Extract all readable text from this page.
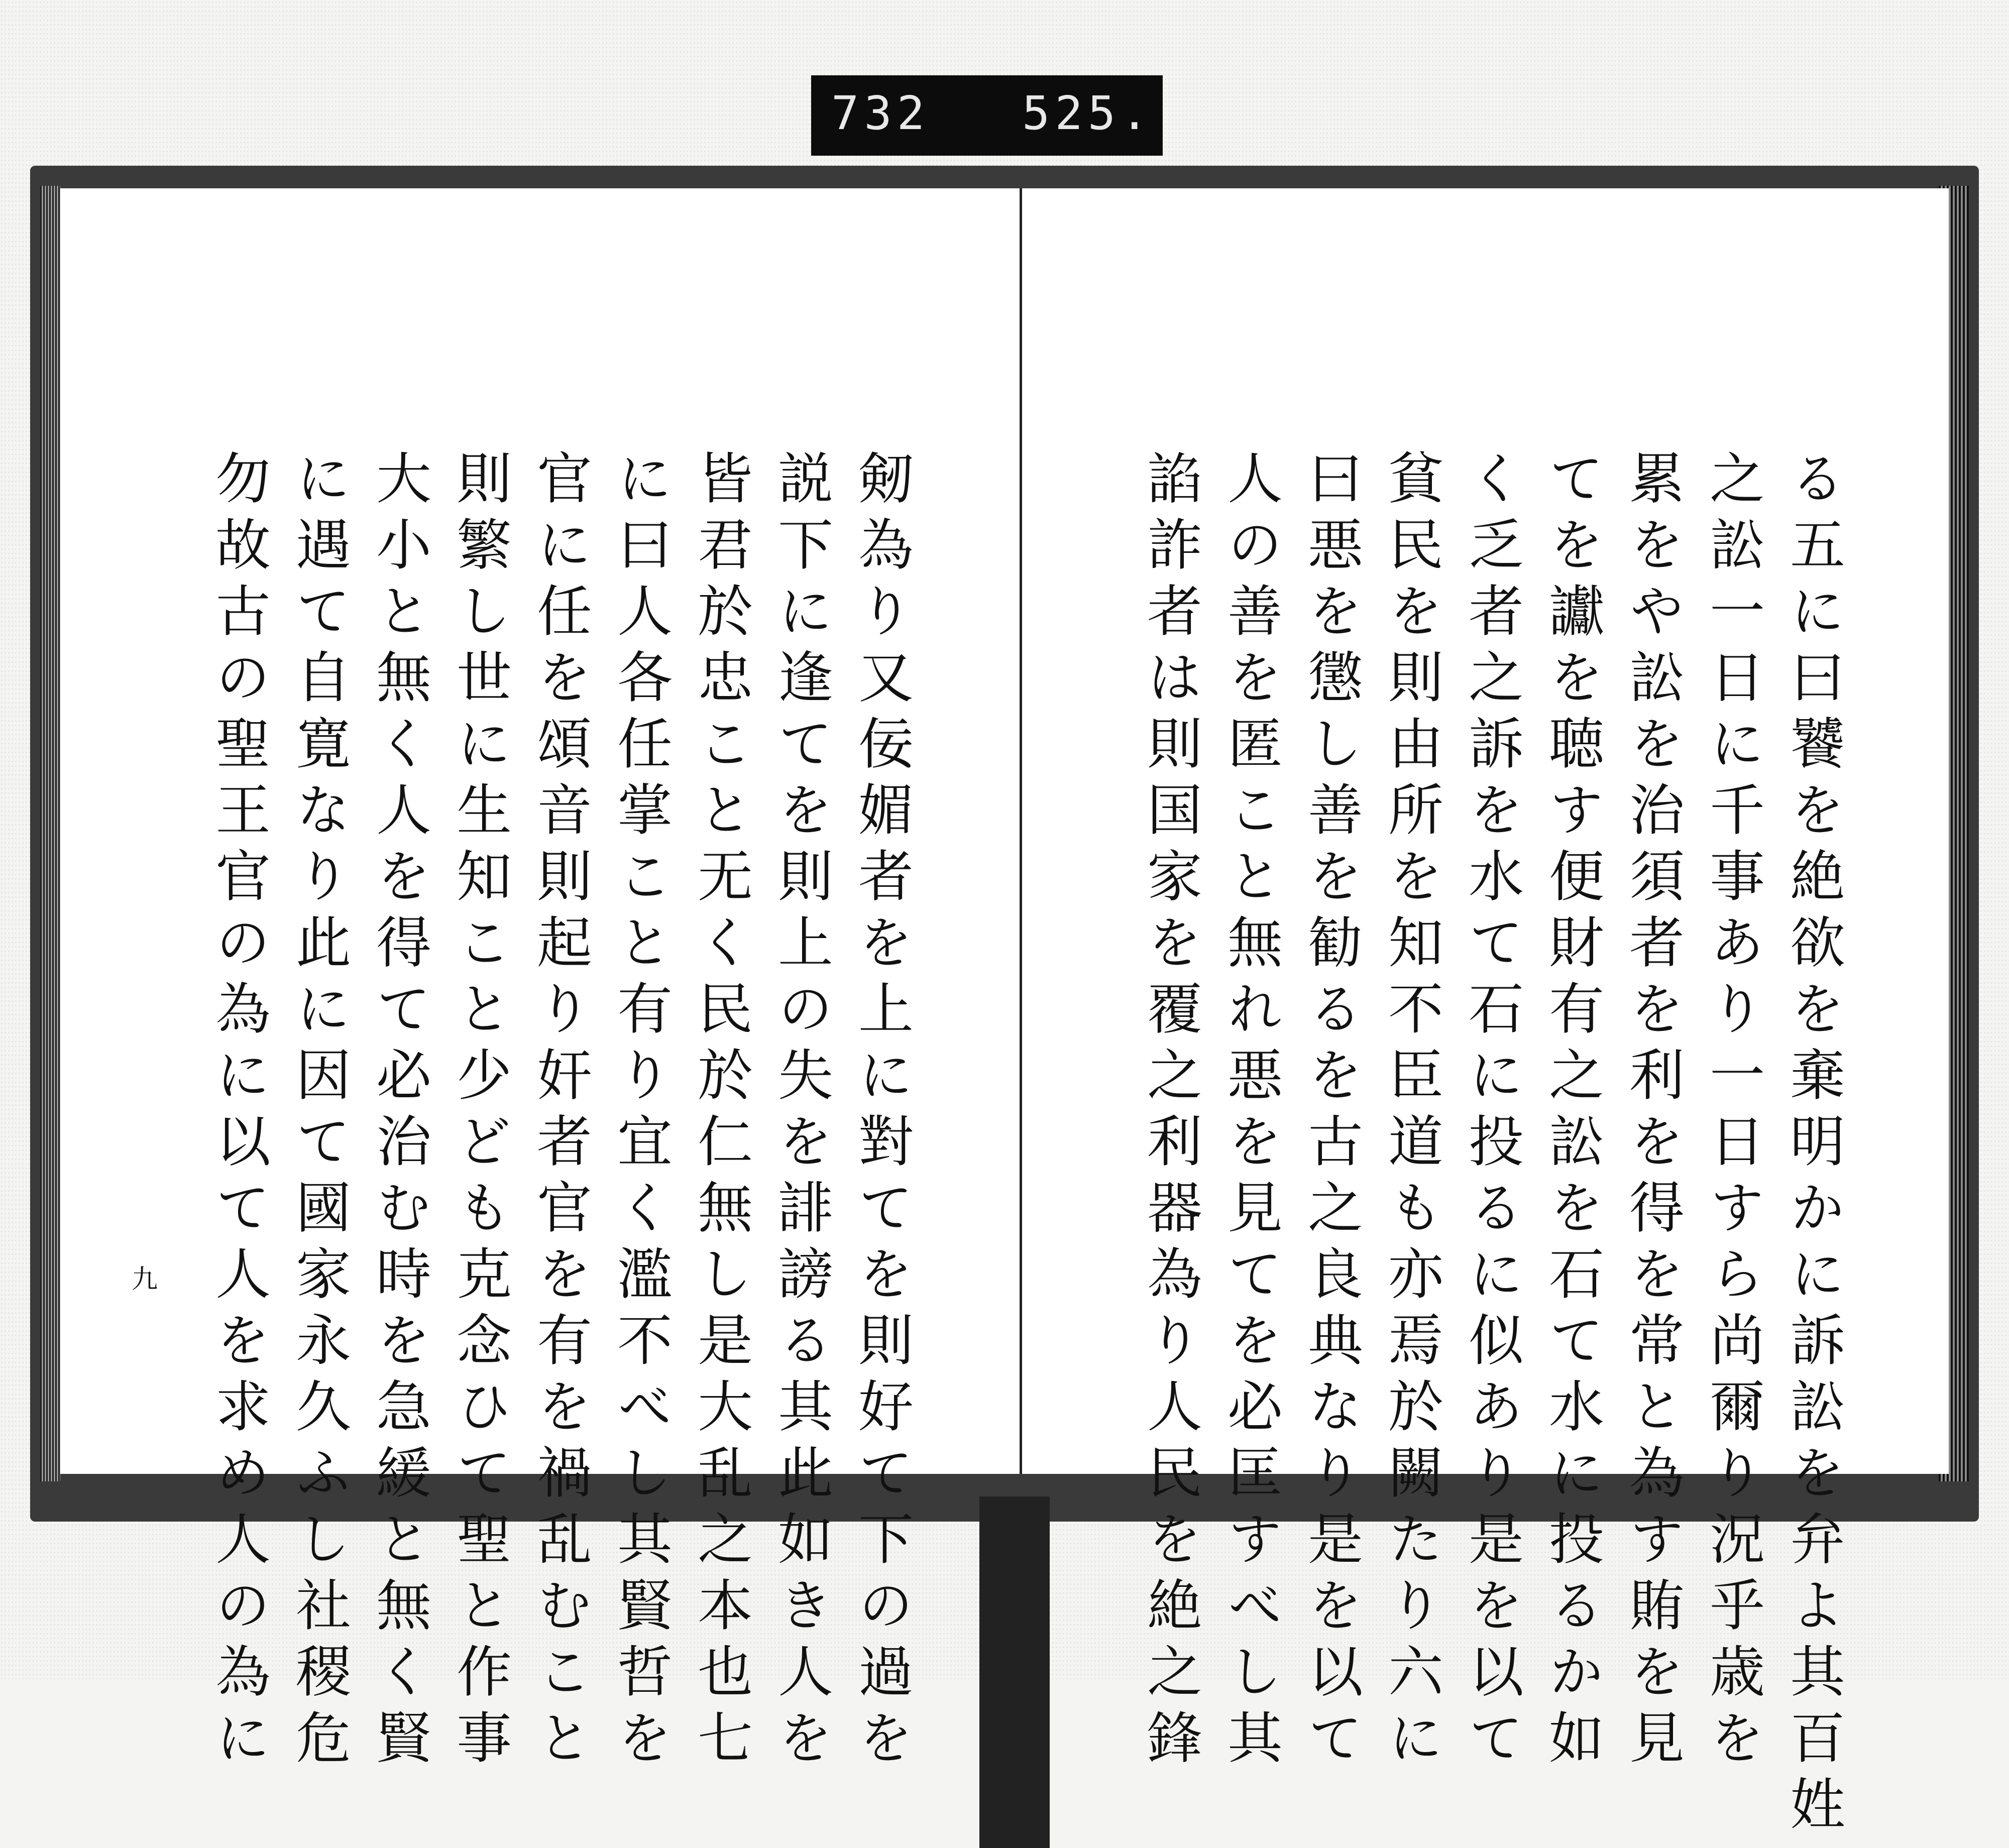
732 525.
剱為り又佞媚者を上に對てを則好て下の過を
説下に逢てを則上の失を誹謗る其此如き人を
皆君於忠こと无く民於仁無し是大乱之本也七
に曰人各任掌こと有り宜く濫不べし其賢哲を
官に任を頌音則起り奸者官を有を禍乱むこと
則繁し世に生知こと少ども克念ひて聖と作事
大小と無く人を得て必治む時を急緩と無く賢
に遇て自寛なり此に因て國家永久ふし社稷危
勿故古の聖王官の為に以て人を求め人の為に
九	る五に曰饕を絶欲を棄明かに訴訟を弁よ其百姓
之訟一日に千事あり一日すら尚爾り況乎歳を
累をや訟を治須者を利を得を常と為す賄を見
てを讞を聴す便財有之訟を石て水に投るか如
く乏者之訴を水て石に投るに似あり是を以て
貧民を則由所を知不臣道も亦焉於闕たり六に
曰悪を懲し善を勧るを古之良典なり是を以て
人の善を匿こと無れ悪を見てを必匡すべし其
諂詐者は則国家を覆之利器為り人民を絶之鋒
